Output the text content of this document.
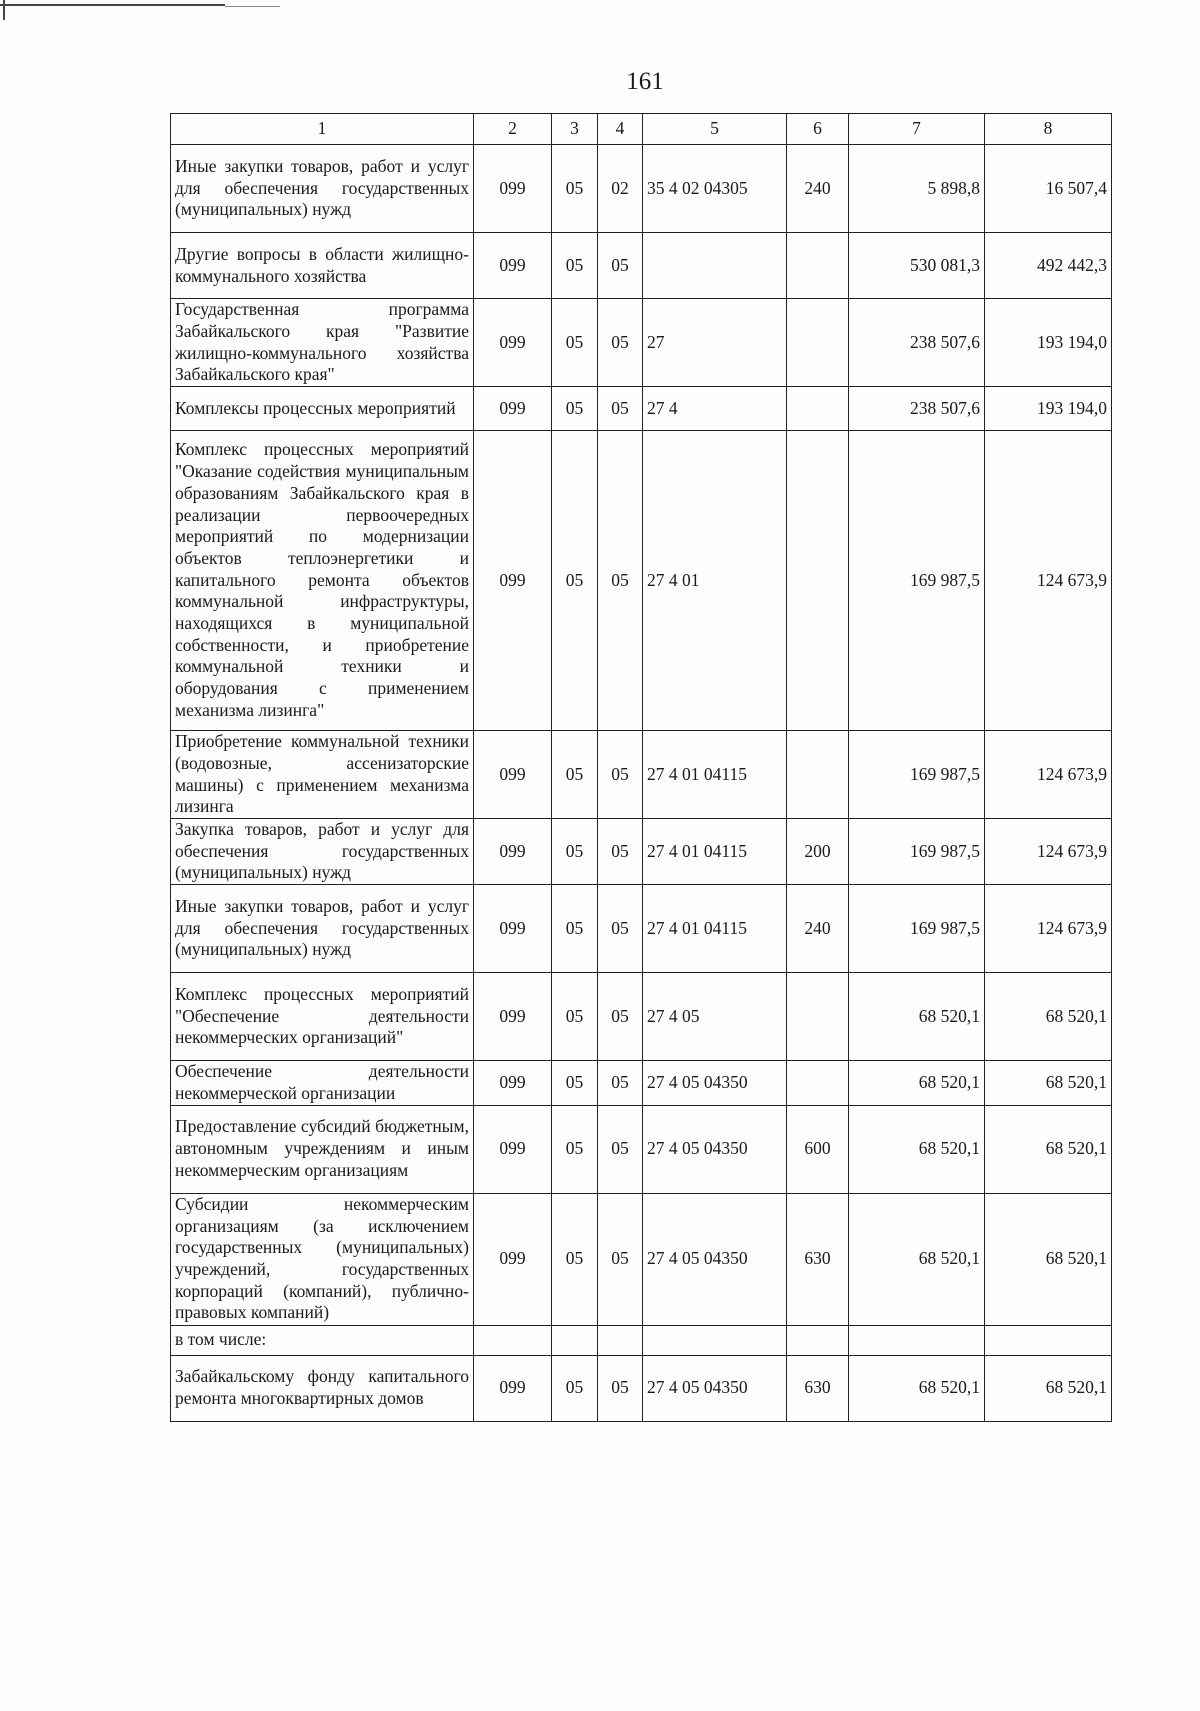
161
1	2	3	4	5	6	7	8
Иные закупки товаров, работ и услуг для обеспечения государственных (муниципальных) нужд	099	05	02	35 4 02 04305	240	5 898,8	16 507,4
Другие вопросы в области жилищно-коммунального хозяйства	099	05	05			530 081,3	492 442,3
Государственная программа Забайкальского края "Развитие жилищно-коммунального хозяйства Забайкальского края"	099	05	05	27		238 507,6	193 194,0
Комплексы процессных мероприятий	099	05	05	27 4		238 507,6	193 194,0
Комплекс процессных мероприятий "Оказание содействия муниципальным образованиям Забайкальского края в реализации первоочередных мероприятий по модернизации объектов теплоэнергетики и капитального ремонта объектов коммунальной инфраструктуры, находящихся в муниципальной собственности, и приобретение коммунальной техники и оборудования с применением механизма лизинга"	099	05	05	27 4 01		169 987,5	124 673,9
Приобретение коммунальной техники (водовозные, ассенизаторские машины) с применением механизма лизинга	099	05	05	27 4 01 04115		169 987,5	124 673,9
Закупка товаров, работ и услуг для обеспечения государственных (муниципальных) нужд	099	05	05	27 4 01 04115	200	169 987,5	124 673,9
Иные закупки товаров, работ и услуг для обеспечения государственных (муниципальных) нужд	099	05	05	27 4 01 04115	240	169 987,5	124 673,9
Комплекс процессных мероприятий "Обеспечение деятельности некоммерческих организаций"	099	05	05	27 4 05		68 520,1	68 520,1
Обеспечение деятельности некоммерческой организации	099	05	05	27 4 05 04350		68 520,1	68 520,1
Предоставление субсидий бюджетным, автономным учреждениям и иным некоммерческим организациям	099	05	05	27 4 05 04350	600	68 520,1	68 520,1
Субсидии некоммерческим организациям (за исключением государственных (муниципальных) учреждений, государственных корпораций (компаний), публично-правовых компаний)	099	05	05	27 4 05 04350	630	68 520,1	68 520,1
в том числе:							
Забайкальскому фонду капитального ремонта многоквартирных домов	099	05	05	27 4 05 04350	630	68 520,1	68 520,1
